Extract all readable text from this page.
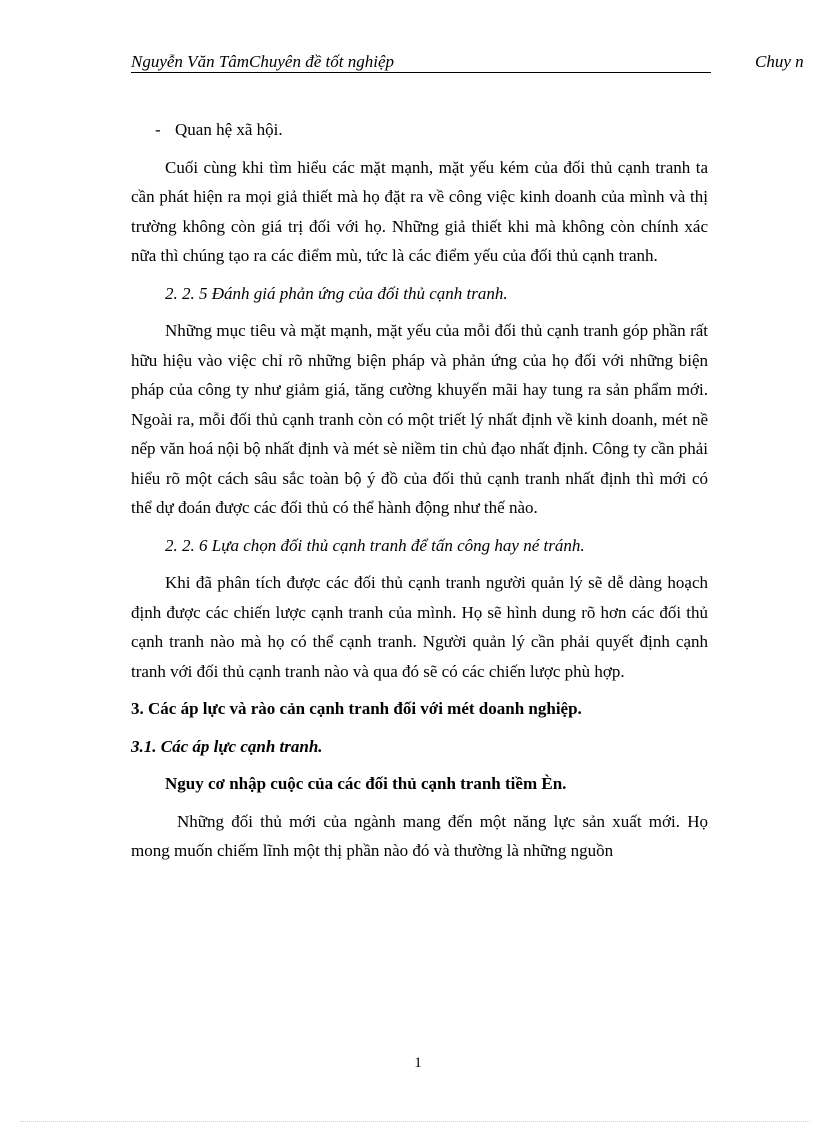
Nguyễn Văn TâmChuyên đề tốt nghiệp	Chuy n
- Quan hệ xã hội.

Cuối cùng khi tìm hiểu các mặt mạnh, mặt yếu kém của đối thủ cạnh tranh ta cần phát hiện ra mọi giả thiết mà họ đặt ra về công việc kinh doanh của mình và thị trường không còn giá trị đối với họ. Những giả thiết khi mà không còn chính xác nữa thì chúng tạo ra các điểm mù, tức là các điểm yếu của đối thủ cạnh tranh.

2. 2. 5 Đánh giá phản ứng của đối thủ cạnh tranh.

Những mục tiêu và mặt mạnh, mặt yếu của mỗi đối thủ cạnh tranh góp phần rất hữu hiệu vào việc chỉ rõ những biện pháp và phản ứng của họ đối với những biện pháp của công ty như giảm giá, tăng cường khuyến mãi hay tung ra sản phẩm mới. Ngoài ra, mỗi đối thủ cạnh tranh còn có một triết lý nhất định về kinh doanh, mét nề nếp văn hoá nội bộ nhất định và mét sè niềm tin chủ đạo nhất định. Công ty cần phải hiểu rõ một cách sâu sắc toàn bộ ý đồ của đối thủ cạnh tranh nhất định thì mới có thể dự đoán được các đối thủ có thể hành động như thế nào.

2. 2. 6 Lựa chọn đối thủ cạnh tranh để tấn công hay né tránh.

Khi đã phân tích được các đối thủ cạnh tranh người quản lý sẽ dễ dàng hoạch định được các chiến lược cạnh tranh của mình. Họ sẽ hình dung rõ hơn các đối thủ cạnh tranh nào mà họ có thể cạnh tranh. Người quản lý cần phải quyết định cạnh tranh với đối thủ cạnh tranh nào và qua đó sẽ có các chiến lược phù hợp.

3. Các áp lực và rào cản cạnh tranh đối với mét doanh nghiệp.

3.1. Các áp lực cạnh tranh.

Nguy cơ nhập cuộc của các đối thủ cạnh tranh tiềm Èn.

Những đối thủ mới của ngành mang đến một năng lực sản xuất mới. Họ mong muốn chiếm lĩnh một thị phần nào đó và thường là những nguồn

1
